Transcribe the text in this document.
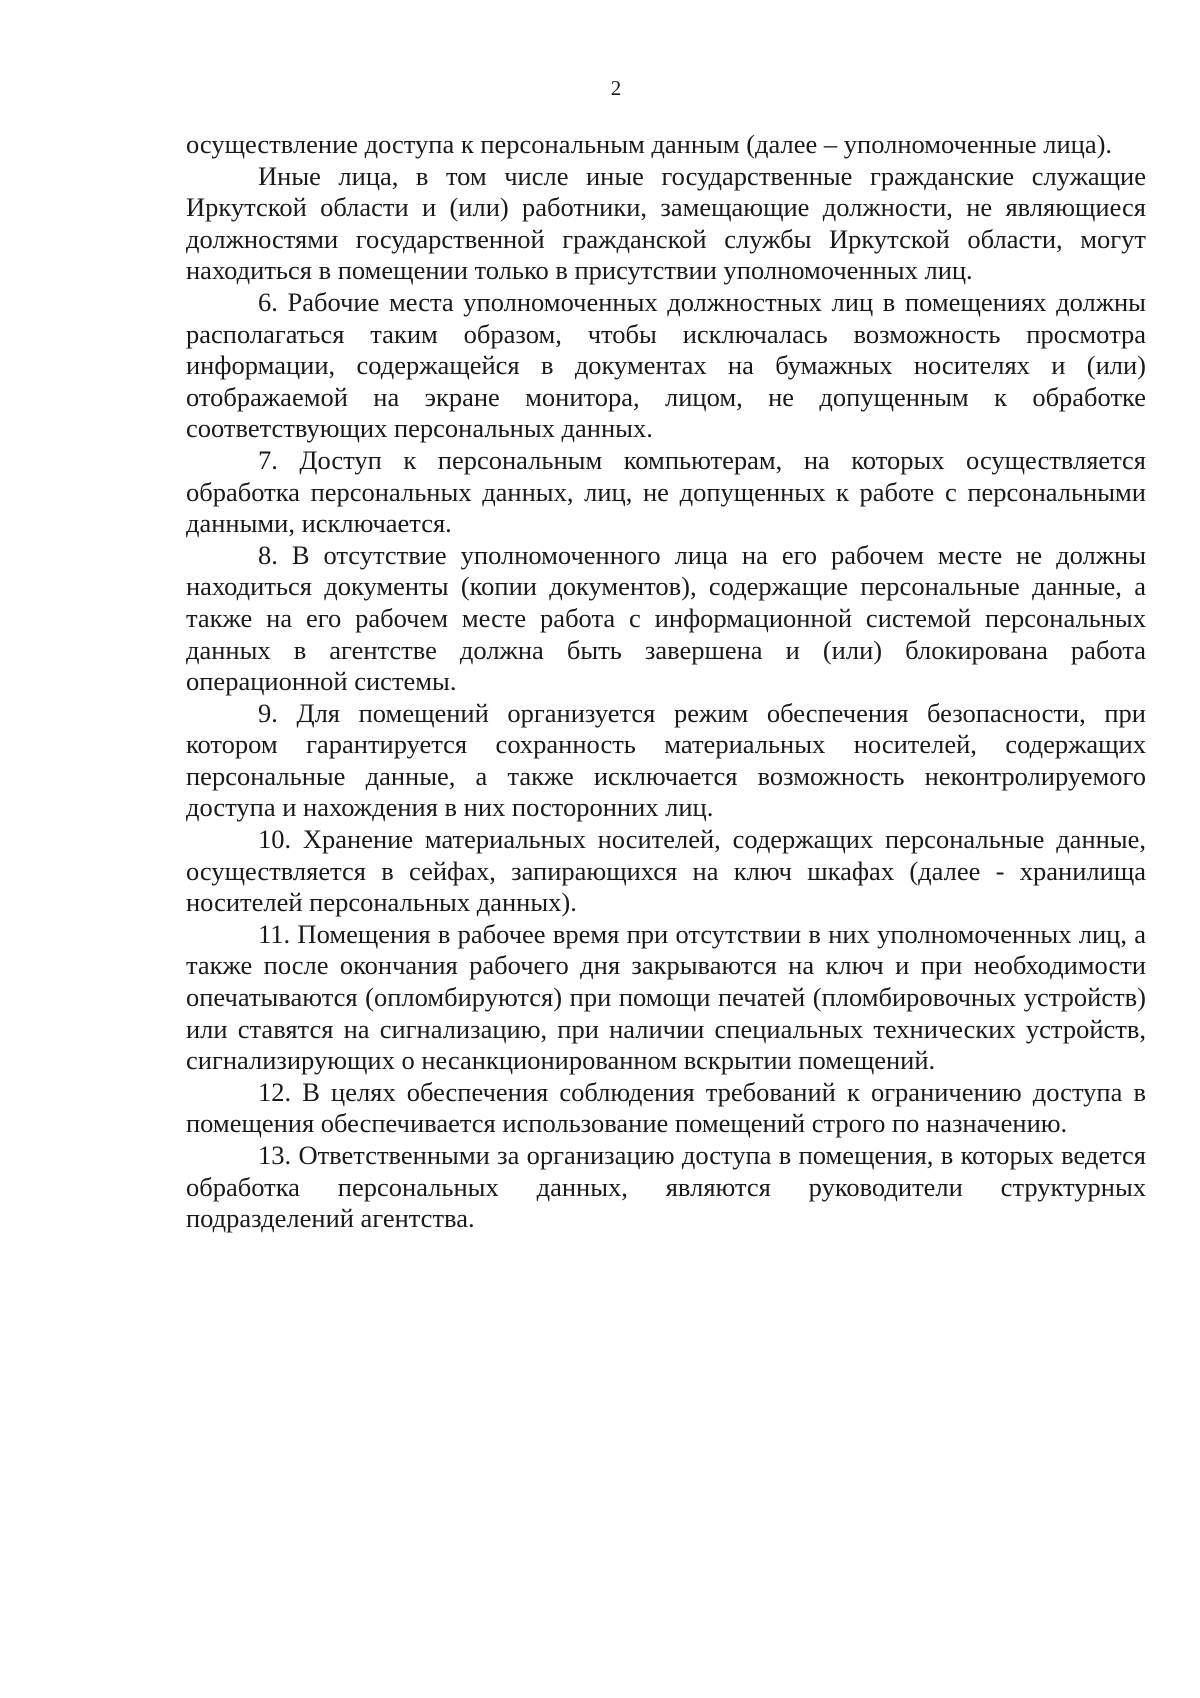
2

осуществление доступа к персональным данным (далее – уполномоченные лица).

Иные лица, в том числе иные государственные гражданские служащие Иркутской области и (или) работники, замещающие должности, не являющиеся должностями государственной гражданской службы Иркутской области, могут находиться в помещении только в присутствии уполномоченных лиц.

6. Рабочие места уполномоченных должностных лиц в помещениях должны располагаться таким образом, чтобы исключалась возможность просмотра информации, содержащейся в документах на бумажных носителях и (или) отображаемой на экране монитора, лицом, не допущенным к обработке соответствующих персональных данных.

7. Доступ к персональным компьютерам, на которых осуществляется обработка персональных данных, лиц, не допущенных к работе с персональными данными, исключается.

8. В отсутствие уполномоченного лица на его рабочем месте не должны находиться документы (копии документов), содержащие персональные данные, а также на его рабочем месте работа с информационной системой персональных данных в агентстве должна быть завершена и (или) блокирована работа операционной системы.

9. Для помещений организуется режим обеспечения безопасности, при котором гарантируется сохранность материальных носителей, содержащих персональные данные, а также исключается возможность неконтролируемого доступа и нахождения в них посторонних лиц.

10. Хранение материальных носителей, содержащих персональные данные, осуществляется в сейфах, запирающихся на ключ шкафах (далее - хранилища носителей персональных данных).

11. Помещения в рабочее время при отсутствии в них уполномоченных лиц, а также после окончания рабочего дня закрываются на ключ и при необходимости опечатываются (опломбируются) при помощи печатей (пломбировочных устройств) или ставятся на сигнализацию, при наличии специальных технических устройств, сигнализирующих о несанкционированном вскрытии помещений.

12. В целях обеспечения соблюдения требований к ограничению доступа в помещения обеспечивается использование помещений строго по назначению.

13. Ответственными за организацию доступа в помещения, в которых ведется обработка персональных данных, являются руководители структурных подразделений агентства.
